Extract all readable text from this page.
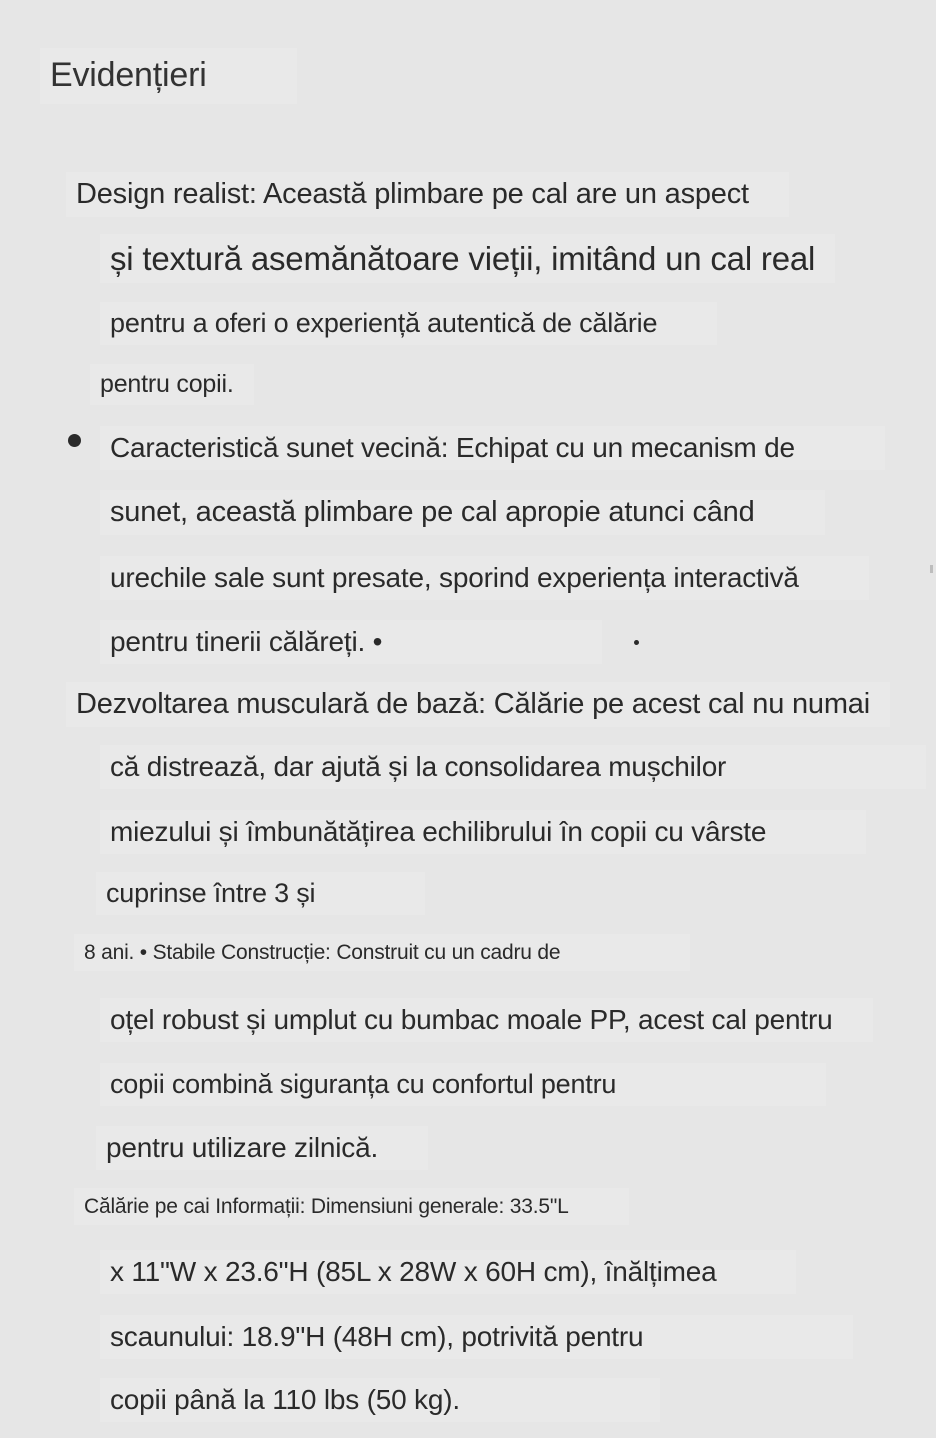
Evidențieri
Design realist: Această plimbare pe cal are un aspect
și textură asemănătoare vieții, imitând un cal real
pentru a oferi o experiență autentică de călărie
pentru copii.
Caracteristică sunet vecină: Echipat cu un mecanism de
sunet, această plimbare pe cal apropie atunci când
urechile sale sunt presate, sporind experiența interactivă
pentru tinerii călăreți. •
Dezvoltarea musculară de bază: Călărie pe acest cal nu numai
că distrează, dar ajută și la consolidarea mușchilor
miezului și îmbunătățirea echilibrului în copii cu vârste
cuprinse între 3 și
8 ani. • Stabile Construcție: Construit cu un cadru de
oțel robust și umplut cu bumbac moale PP, acest cal pentru
copii combină siguranța cu confortul pentru
pentru utilizare zilnică.
Călărie pe cai Informații: Dimensiuni generale: 33.5"L
x 11"W x 23.6"H (85L x 28W x 60H cm), înălțimea
scaunului: 18.9"H (48H cm), potrivită pentru
copii până la 110 lbs (50 kg).
